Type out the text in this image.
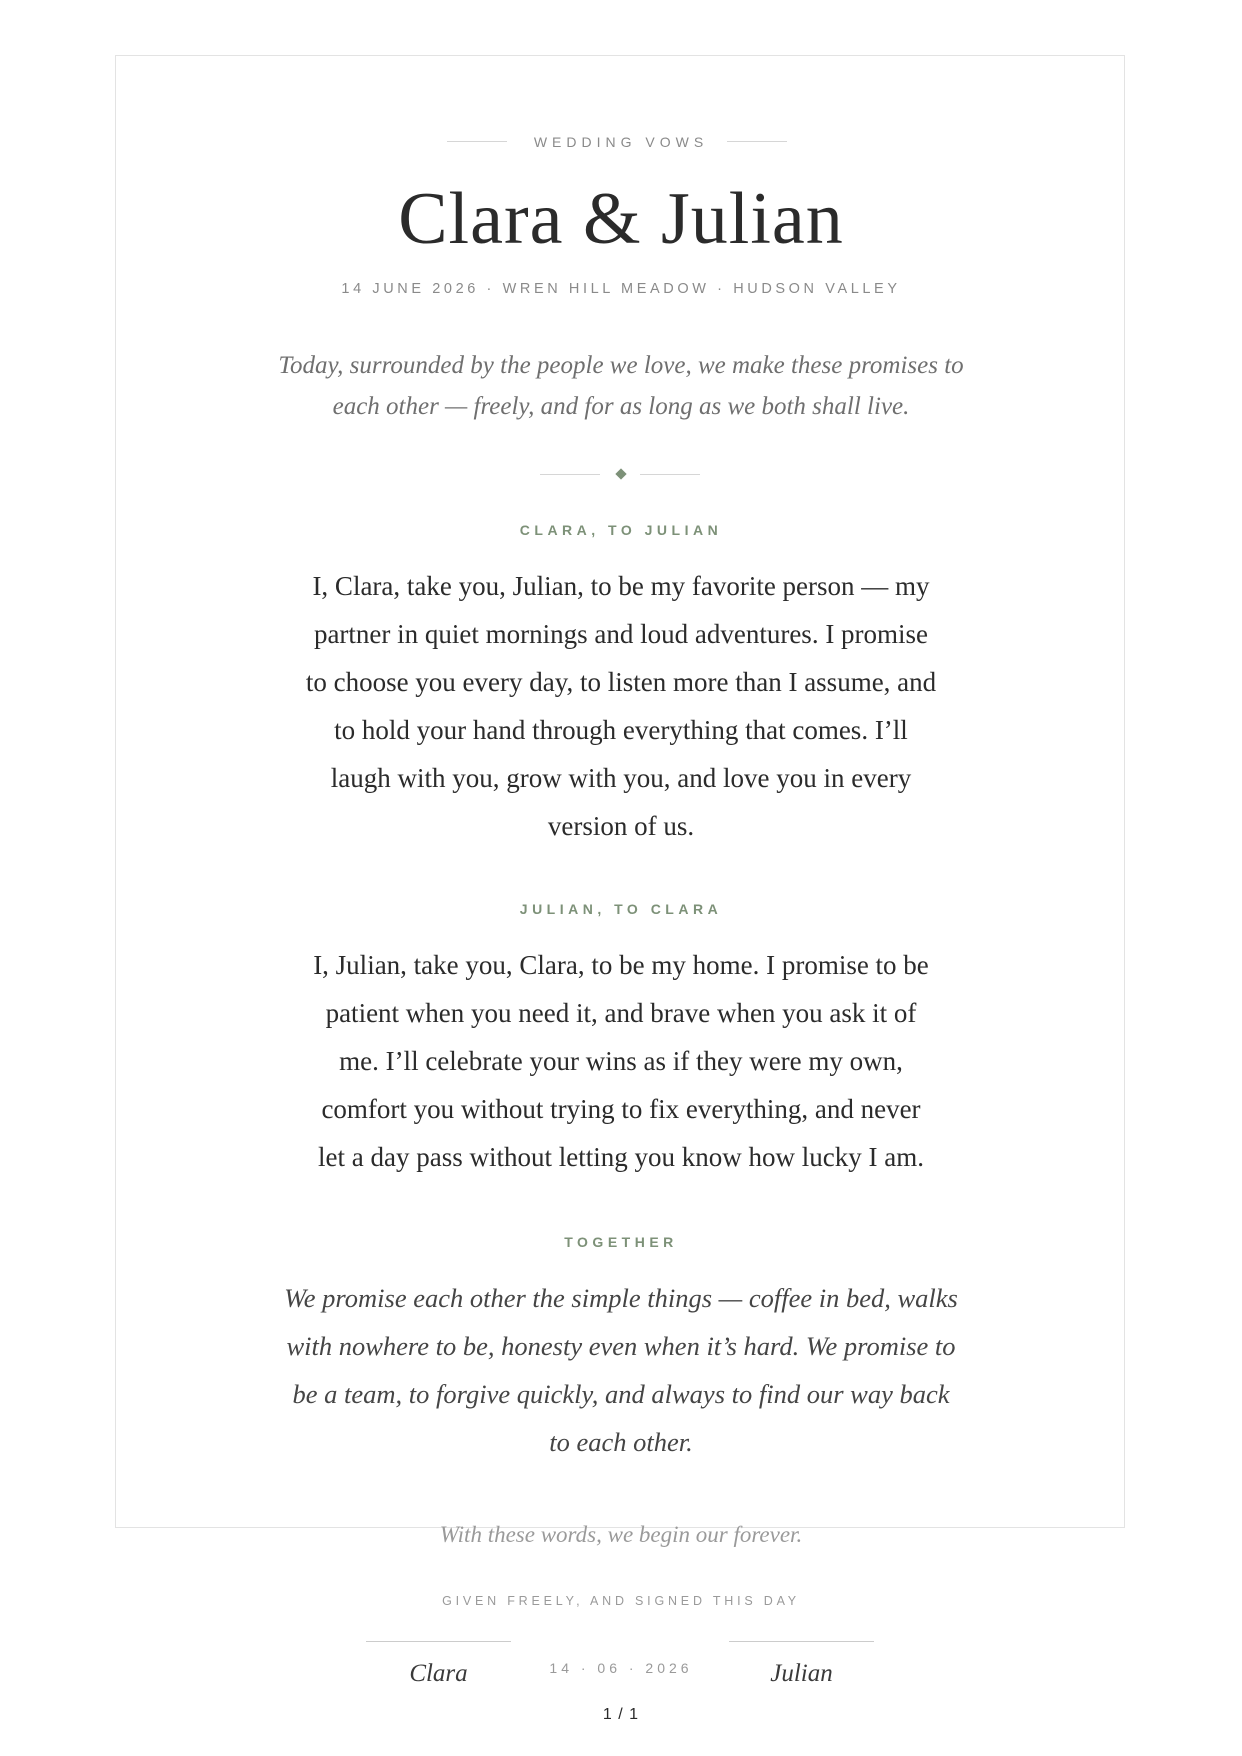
WEDDING VOWS
Clara & Julian
14 JUNE 2026 · WREN HILL MEADOW · HUDSON VALLEY

Today, surrounded by the people we love, we make these promises to

each other — freely, and for as long as we both shall live.

CLARA, TO JULIAN

I, Clara, take you, Julian, to be my favorite person — my

partner in quiet mornings and loud adventures. I promise

to choose you every day, to listen more than I assume, and

to hold your hand through everything that comes. I’ll

laugh with you, grow with you, and love you in every

version of us.

JULIAN, TO CLARA

I, Julian, take you, Clara, to be my home. I promise to be

patient when you need it, and brave when you ask it of

me. I’ll celebrate your wins as if they were my own,

comfort you without trying to fix everything, and never

let a day pass without letting you know how lucky I am.

TOGETHER

We promise each other the simple things — coffee in bed, walks

with nowhere to be, honesty even when it’s hard. We promise to

be a team, to forgive quickly, and always to find our way back

to each other.

With these words, we begin our forever.
GIVEN FREELY, AND SIGNED THIS DAY
Clara	14 · 06 · 2026	Julian
1 / 1
